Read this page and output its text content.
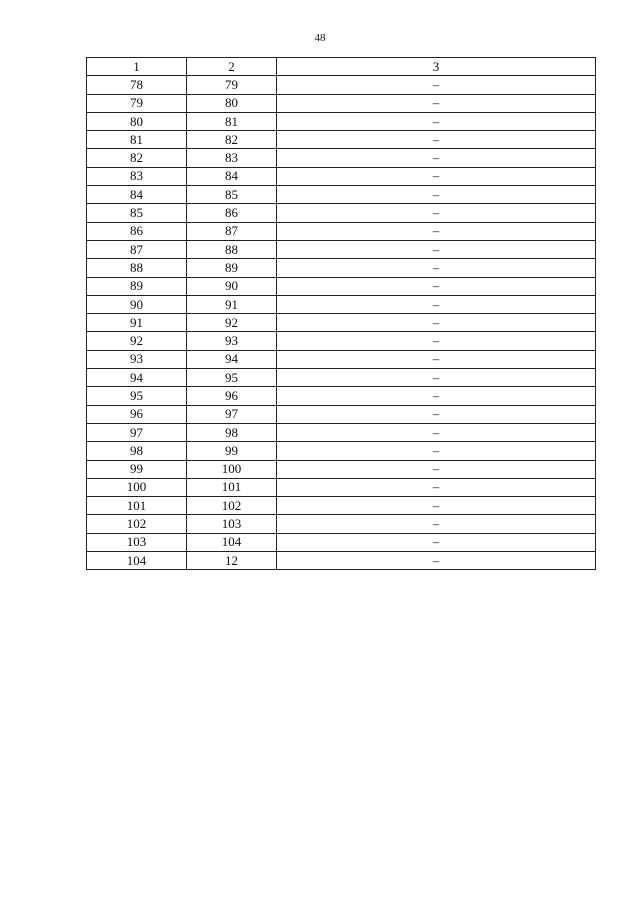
48
1	2	3
78	79	–
79	80	–
80	81	–
81	82	–
82	83	–
83	84	–
84	85	–
85	86	–
86	87	–
87	88	–
88	89	–
89	90	–
90	91	–
91	92	–
92	93	–
93	94	–
94	95	–
95	96	–
96	97	–
97	98	–
98	99	–
99	100	–
100	101	–
101	102	–
102	103	–
103	104	–
104	12	–
